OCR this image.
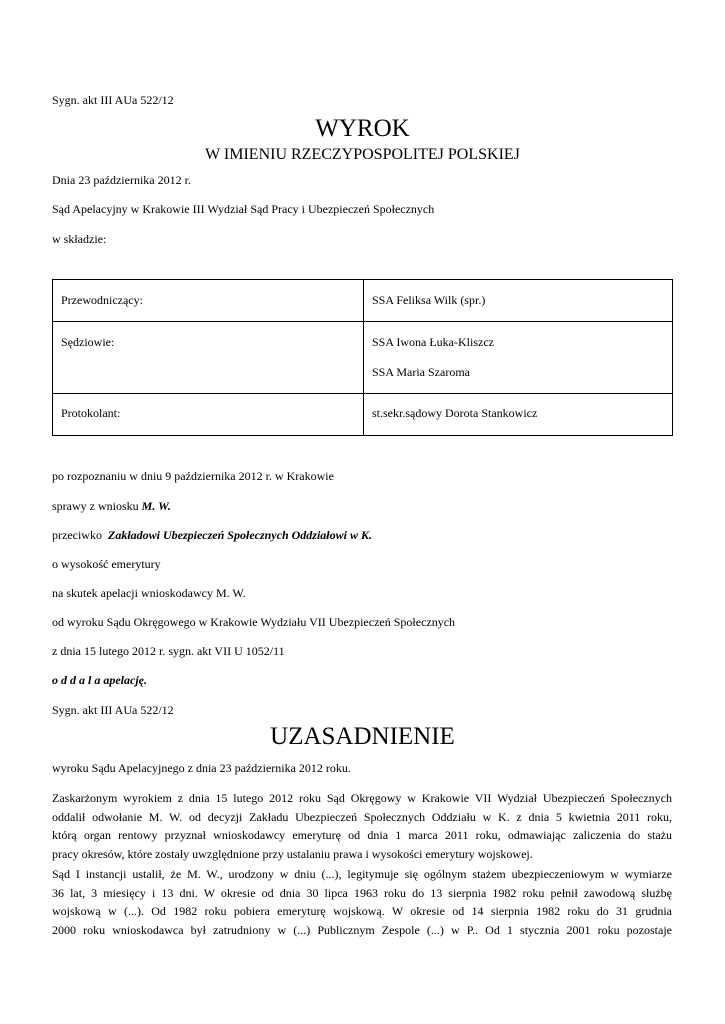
Sygn. akt III AUa 522/12

WYROK
W IMIENIU RZECZYPOSPOLITEJ POLSKIEJ

Dnia 23 października 2012 r.

Sąd Apelacyjny w Krakowie III Wydział Sąd Pracy i Ubezpieczeń Społecznych

w składzie:

Przewodniczący:	SSA Feliksa Wilk (spr.)

Sędziowie:	SSA Iwona Łuka-Kliszcz
SSA Maria Szaroma

Protokolant:	st.sekr.sądowy Dorota Stankowicz

po rozpoznaniu w dniu 9 października 2012 r. w Krakowie

sprawy z wniosku M. W.

przeciwko  Zakładowi Ubezpieczeń Społecznych Oddziałowi w K.

o wysokość emerytury

na skutek apelacji wnioskodawcy M. W.

od wyroku Sądu Okręgowego w Krakowie Wydziału VII Ubezpieczeń Społecznych

z dnia 15 lutego 2012 r. sygn. akt VII U 1052/11

o d d a l a apelację.

Sygn. akt III AUa 522/12

UZASADNIENIE

wyroku Sądu Apelacyjnego z dnia 23 października 2012 roku.

Zaskarżonym wyrokiem z dnia 15 lutego 2012 roku Sąd Okręgowy w Krakowie VII Wydział Ubezpieczeń Społecznych
oddalił odwołanie M. W. od decyzji Zakładu Ubezpieczeń Społecznych Oddziału w K. z dnia 5 kwietnia 2011 roku,
którą organ rentowy przyznał wnioskodawcy emeryturę od dnia 1 marca 2011 roku, odmawiając zaliczenia do stażu
pracy okresów, które zostały uwzględnione przy ustalaniu prawa i wysokości emerytury wojskowej.
Sąd I instancji ustalił, że M. W., urodzony w dniu (...), legitymuje się ogólnym stażem ubezpieczeniowym w wymiarze
36 lat, 3 miesięcy i 13 dni. W okresie od dnia 30 lipca 1963 roku do 13 sierpnia 1982 roku pełnił zawodową służbę
wojskową w (...). Od 1982 roku pobiera emeryturę wojskową. W okresie od 14 sierpnia 1982 roku do 31 grudnia
2000 roku wnioskodawca był zatrudniony w (...) Publicznym Zespole (...) w P.. Od 1 stycznia 2001 roku pozostaje
